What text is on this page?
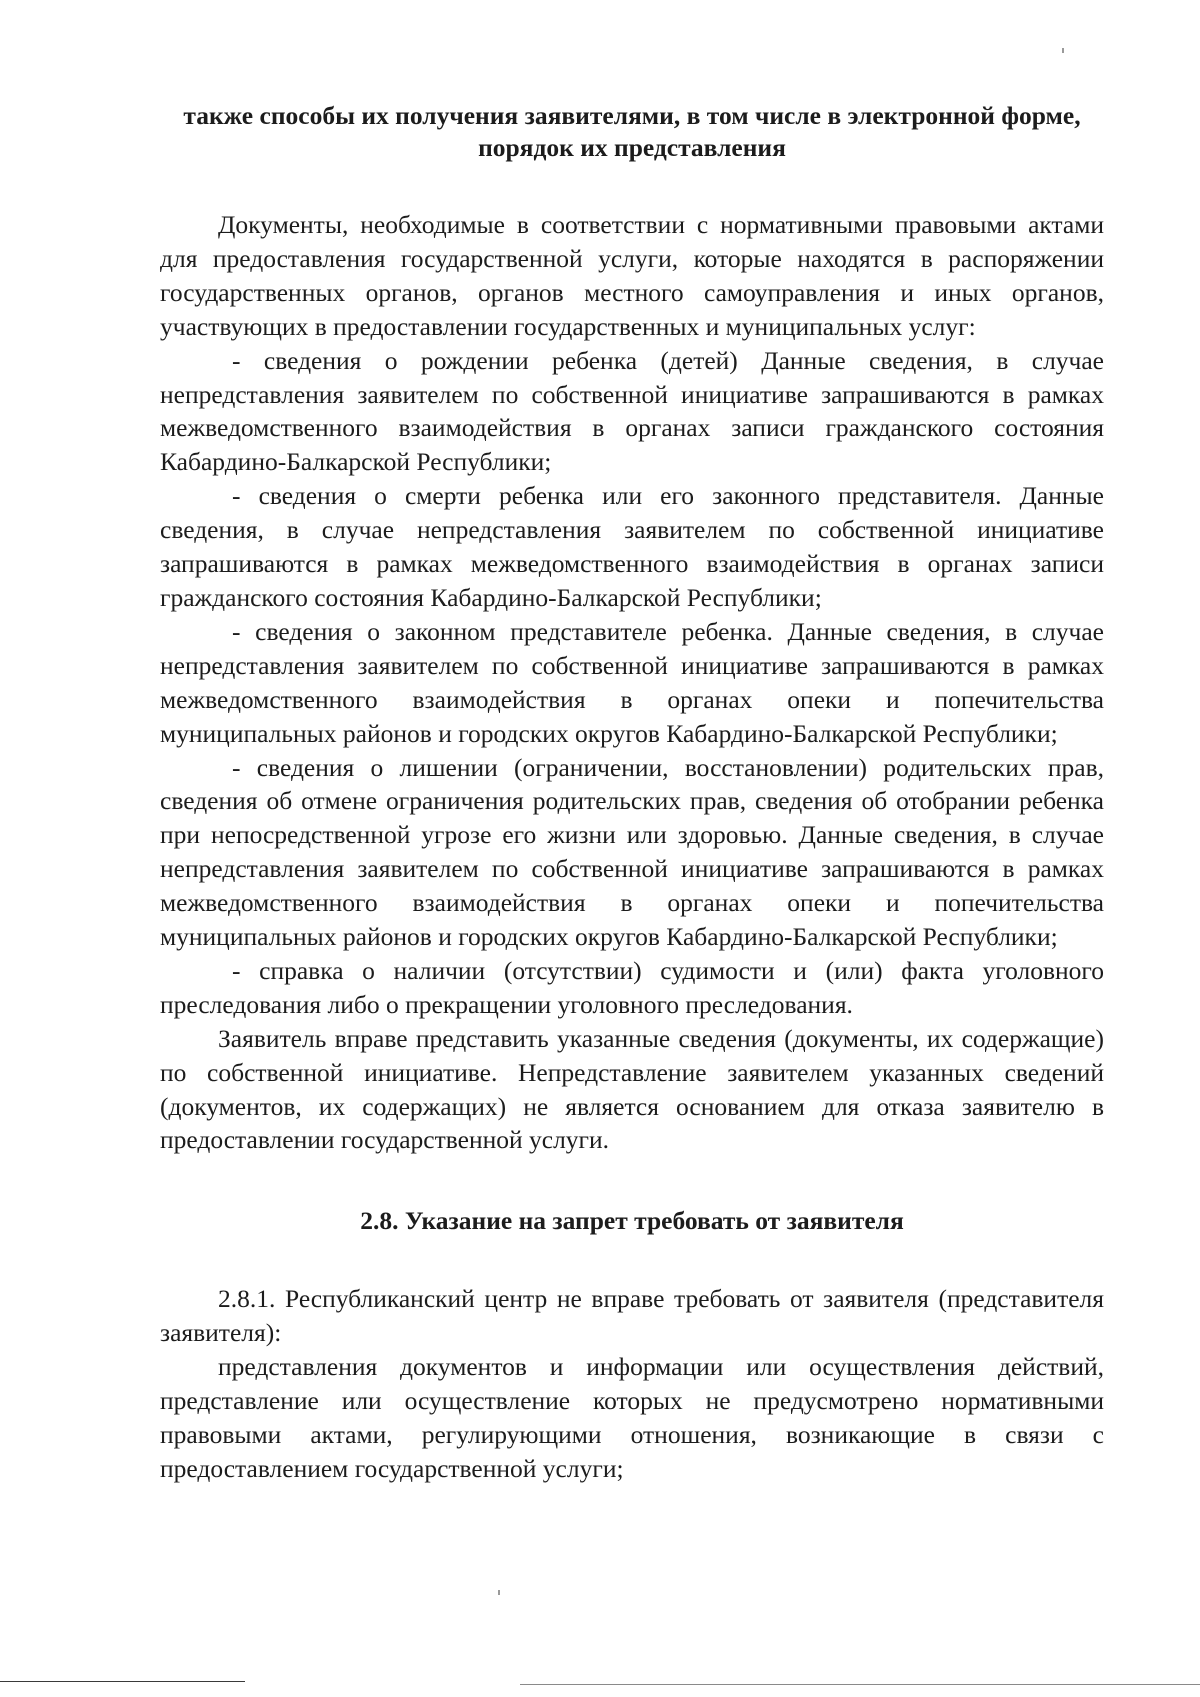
также способы их получения заявителями, в том числе в электронной форме, порядок их представления

Документы, необходимые в соответствии с нормативными правовыми актами для предоставления государственной услуги, которые находятся в распоряжении государственных органов, органов местного самоуправления и иных органов, участвующих в предоставлении государственных и муниципальных услуг:

- сведения о рождении ребенка (детей) Данные сведения, в случае непредставления заявителем по собственной инициативе запрашиваются в рамках межведомственного взаимодействия в органах записи гражданского состояния Кабардино-Балкарской Республики;

- сведения о смерти ребенка или его законного представителя. Данные сведения, в случае непредставления заявителем по собственной инициативе запрашиваются в рамках межведомственного взаимодействия в органах записи гражданского состояния Кабардино-Балкарской Республики;

- сведения о законном представителе ребенка. Данные сведения, в случае непредставления заявителем по собственной инициативе запрашиваются в рамках межведомственного взаимодействия в органах опеки и попечительства муниципальных районов и городских округов Кабардино-Балкарской Республики;

- сведения о лишении (ограничении, восстановлении) родительских прав, сведения об отмене ограничения родительских прав, сведения об отобрании ребенка при непосредственной угрозе его жизни или здоровью. Данные сведения, в случае непредставления заявителем по собственной инициативе запрашиваются в рамках межведомственного взаимодействия в органах опеки и попечительства муниципальных районов и городских округов Кабардино-Балкарской Республики;

- справка о наличии (отсутствии) судимости и (или) факта уголовного преследования либо о прекращении уголовного преследования.

Заявитель вправе представить указанные сведения (документы, их содержащие) по собственной инициативе. Непредставление заявителем указанных сведений (документов, их содержащих) не является основанием для отказа заявителю в предоставлении государственной услуги.

2.8. Указание на запрет требовать от заявителя

2.8.1. Республиканский центр не вправе требовать от заявителя (представителя заявителя):

представления документов и информации или осуществления действий, представление или осуществление которых не предусмотрено нормативными правовыми актами, регулирующими отношения, возникающие в связи с предоставлением государственной услуги;
